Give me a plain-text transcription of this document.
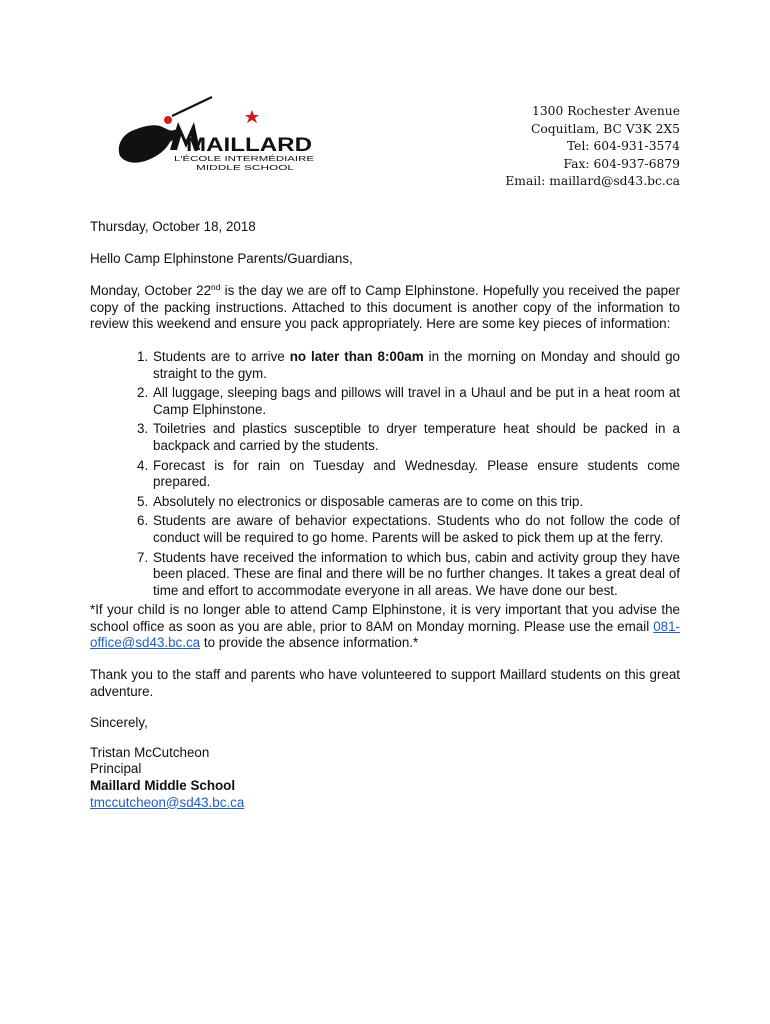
MAILLARD
L'ÉCOLE INTERMÉDIAIRE
MIDDLE SCHOOL
1300 Rochester Avenue
Coquitlam, BC V3K 2X5
Tel: 604-931-3574
Fax: 604-937-6879
Email: maillard@sd43.bc.ca

Thursday, October 18, 2018

Hello Camp Elphinstone Parents/Guardians,

Monday, October 22nd is the day we are off to Camp Elphinstone. Hopefully you received the paper copy of the packing instructions. Attached to this document is another copy of the information to review this weekend and ensure you pack appropriately. Here are some key pieces of information:

1. Students are to arrive no later than 8:00am in the morning on Monday and should go straight to the gym.
2. All luggage, sleeping bags and pillows will travel in a Uhaul and be put in a heat room at Camp Elphinstone.
3. Toiletries and plastics susceptible to dryer temperature heat should be packed in a backpack and carried by the students.
4. Forecast is for rain on Tuesday and Wednesday. Please ensure students come prepared.
5. Absolutely no electronics or disposable cameras are to come on this trip.
6. Students are aware of behavior expectations. Students who do not follow the code of conduct will be required to go home. Parents will be asked to pick them up at the ferry.
7. Students have received the information to which bus, cabin and activity group they have been placed. These are final and there will be no further changes. It takes a great deal of time and effort to accommodate everyone in all areas. We have done our best.

*If your child is no longer able to attend Camp Elphinstone, it is very important that you advise the school office as soon as you are able, prior to 8AM on Monday morning. Please use the email 081-office@sd43.bc.ca to provide the absence information.*

Thank you to the staff and parents who have volunteered to support Maillard students on this great adventure.

Sincerely,

Tristan McCutcheon
Principal
Maillard Middle School
tmccutcheon@sd43.bc.ca
